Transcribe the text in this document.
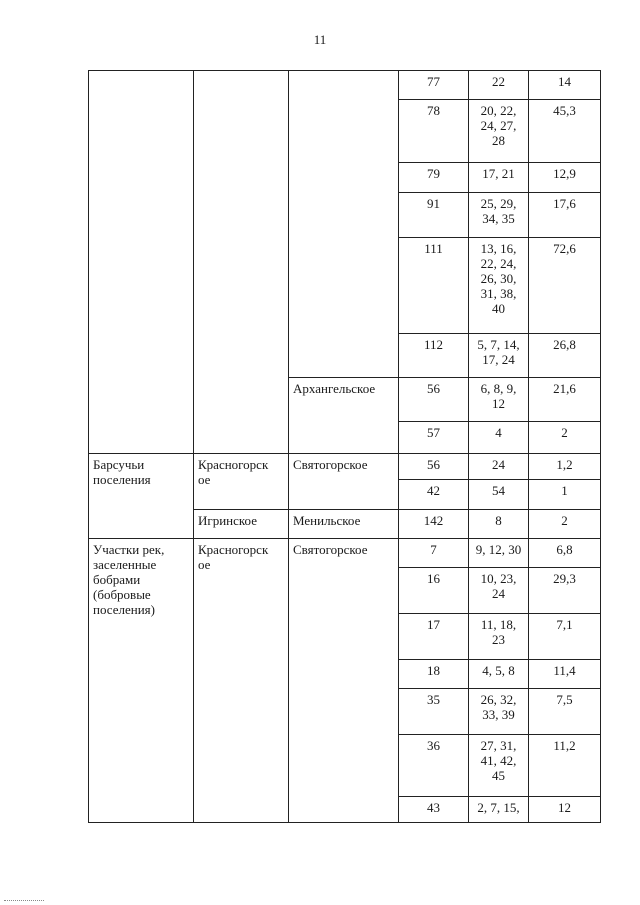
11
			77	22	14
			78	20, 22,
24, 27,
28	45,3
			79	17, 21	12,9
			91	25, 29,
34, 35	17,6
			111	13, 16,
22, 24,
26, 30,
31, 38,
40	72,6
			112	5, 7, 14,
17, 24	26,8
		Архангельское	56	6, 8, 9,
12	21,6
			57	4	2
Барсучьи
поселения	Красногорск
ое	Святогорское	56	24	1,2
			42	54	1
	Игринское	Менильское	142	8	2
Участки рек,
заселенные
бобрами
(бобровые
поселения)	Красногорск
ое	Святогорское	7	9, 12, 30	6,8
			16	10, 23,
24	29,3
			17	11, 18,
23	7,1
			18	4, 5, 8	11,4
			35	26, 32,
33, 39	7,5
			36	27, 31,
41, 42,
45	11,2
			43	2, 7, 15,	12
